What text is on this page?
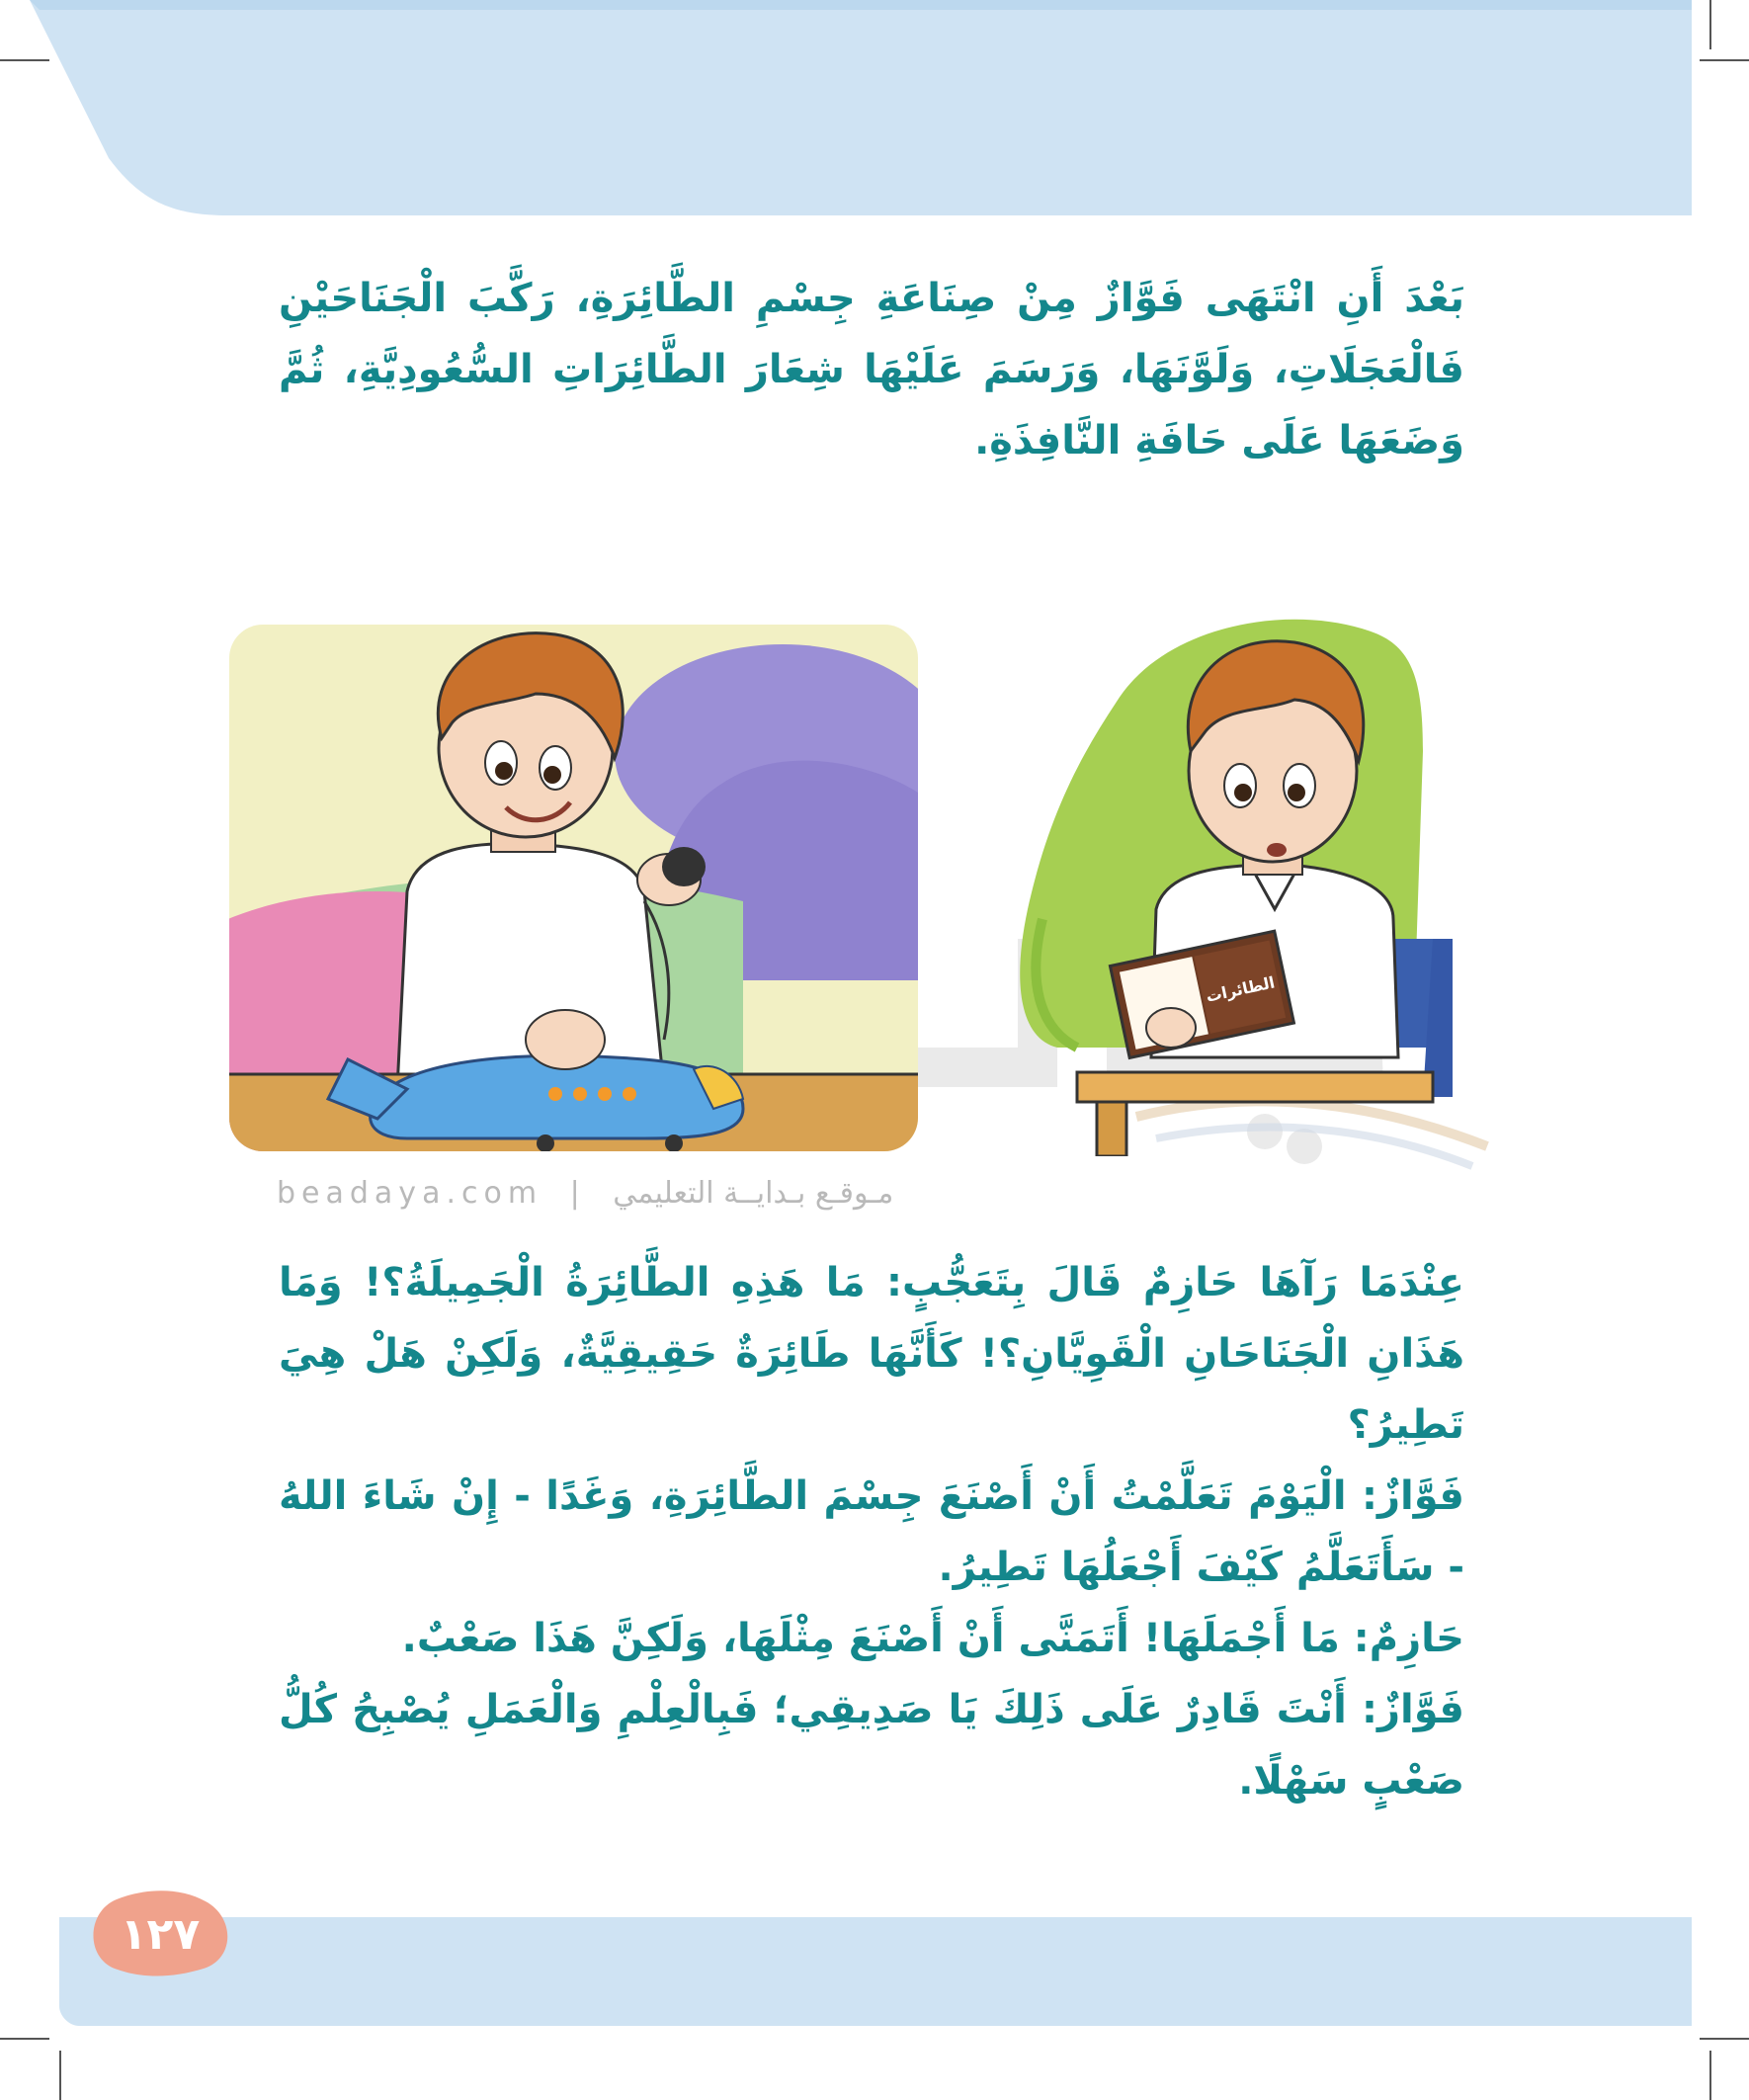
بَعْدَ أَنِ انْتَهَى فَوَّازٌ مِنْ صِنَاعَةِ جِسْمِ الطَّائِرَةِ، رَكَّبَ الْجَنَاحَيْنِ فَالْعَجَلَاتِ، وَلَوَّنَهَا، وَرَسَمَ عَلَيْهَا شِعَارَ الطَّائِرَاتِ السُّعُودِيَّةِ، ثُمَّ وَضَعَهَا عَلَى حَافَةِ النَّافِذَةِ.

الطائرات
beadaya.com | مـوقـع بـدايــة التعليمي

عِنْدَمَا رَآهَا حَازِمٌ قَالَ بِتَعَجُّبٍ: مَا هَذِهِ الطَّائِرَةُ الْجَمِيلَةُ؟! وَمَا هَذَانِ الْجَنَاحَانِ الْقَوِيَّانِ؟! كَأَنَّهَا طَائِرَةٌ حَقِيقِيَّةٌ، وَلَكِنْ هَلْ هِيَ تَطِيرُ؟

فَوَّازٌ: الْيَوْمَ تَعَلَّمْتُ أَنْ أَصْنَعَ جِسْمَ الطَّائِرَةِ، وَغَدًا - إِنْ شَاءَ اللهُ - سَأَتَعَلَّمُ كَيْفَ أَجْعَلُهَا تَطِيرُ.

حَازِمٌ: مَا أَجْمَلَهَا! أَتَمَنَّى أَنْ أَصْنَعَ مِثْلَهَا، وَلَكِنَّ هَذَا صَعْبٌ.

فَوَّازٌ: أَنْتَ قَادِرٌ عَلَى ذَلِكَ يَا صَدِيقِي؛ فَبِالْعِلْمِ وَالْعَمَلِ يُصْبِحُ كُلُّ صَعْبٍ سَهْلًا.

١٢٧
